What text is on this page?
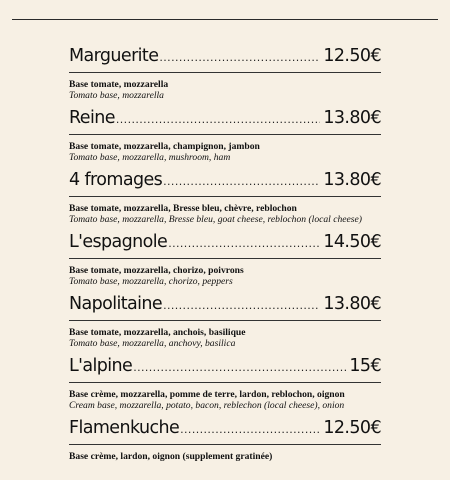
Marguerite .....	12.50€
Base tomate, mozzarella
Tomato base, mozzarella
Reine .....	13.80€
Base tomate, mozzarella, champignon, jambon
Tomato base, mozzarella, mushroom, ham
4 fromages .....	13.80€
Base tomate, mozzarella, Bresse bleu, chèvre, reblochon
Tomato base, mozzarella, Bresse bleu, goat cheese, reblochon (local cheese)
L'espagnole .....	14.50€
Base tomate, mozzarella, chorizo, poivrons
Tomato base, mozzarella, chorizo, peppers
Napolitaine .....	13.80€
Base tomate, mozzarella, anchois, basilique
Tomato base, mozzarella, anchovy, basilica
L'alpine .....	15€
Base crème, mozzarella, pomme de terre, lardon, reblochon, oignon
Cream base, mozzarella, potato, bacon, reblechon (local cheese), onion
Flamenkuche .....	12.50€
Base crème, lardon, oignon (supplement gratinée)
